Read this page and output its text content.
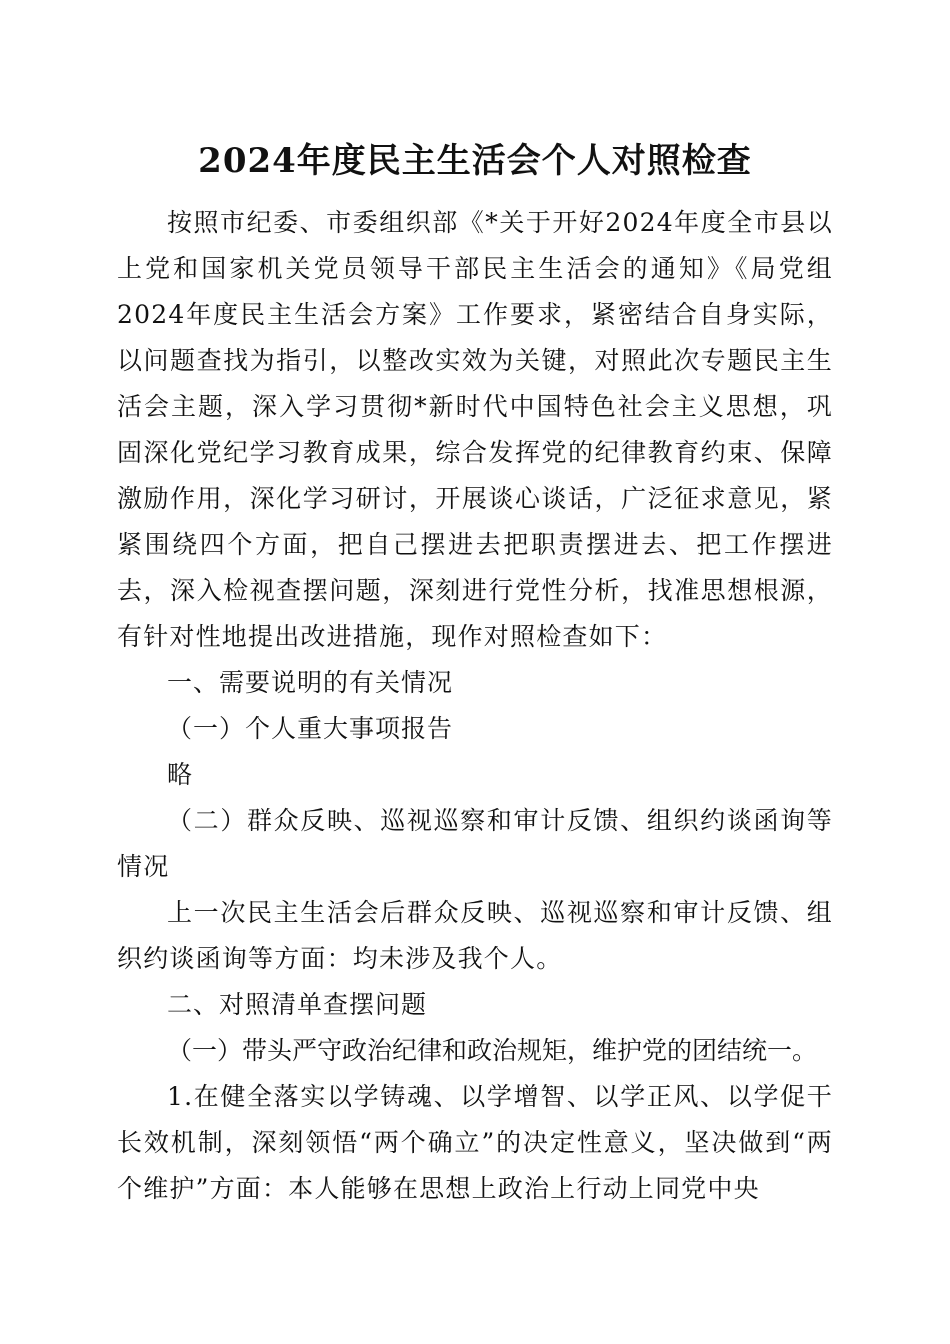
2024年度民主生活会个人对照检查

按照市纪委、市委组织部《*关于开好2024年度全市县以上党和国家机关党员领导干部民主生活会的通知》《局党组2024年度民主生活会方案》工作要求，紧密结合自身实际，以问题查找为指引，以整改实效为关键，对照此次专题民主生活会主题，深入学习贯彻*新时代中国特色社会主义思想，巩固深化党纪学习教育成果，综合发挥党的纪律教育约束、保障激励作用，深化学习研讨，开展谈心谈话，广泛征求意见，紧紧围绕四个方面，把自己摆进去把职责摆进去、把工作摆进去，深入检视查摆问题，深刻进行党性分析，找准思想根源，有针对性地提出改进措施，现作对照检查如下：

一、需要说明的有关情况

（一）个人重大事项报告

略

（二）群众反映、巡视巡察和审计反馈、组织约谈函询等情况

上一次民主生活会后群众反映、巡视巡察和审计反馈、组织约谈函询等方面：均未涉及我个人。

二、对照清单查摆问题

（一）带头严守政治纪律和政治规矩，维护党的团结统一。

1.在健全落实以学铸魂、以学增智、以学正风、以学促干长效机制，深刻领悟“两个确立”的决定性意义，坚决做到“两个维护”方面：本人能够在思想上政治上行动上同党中央
